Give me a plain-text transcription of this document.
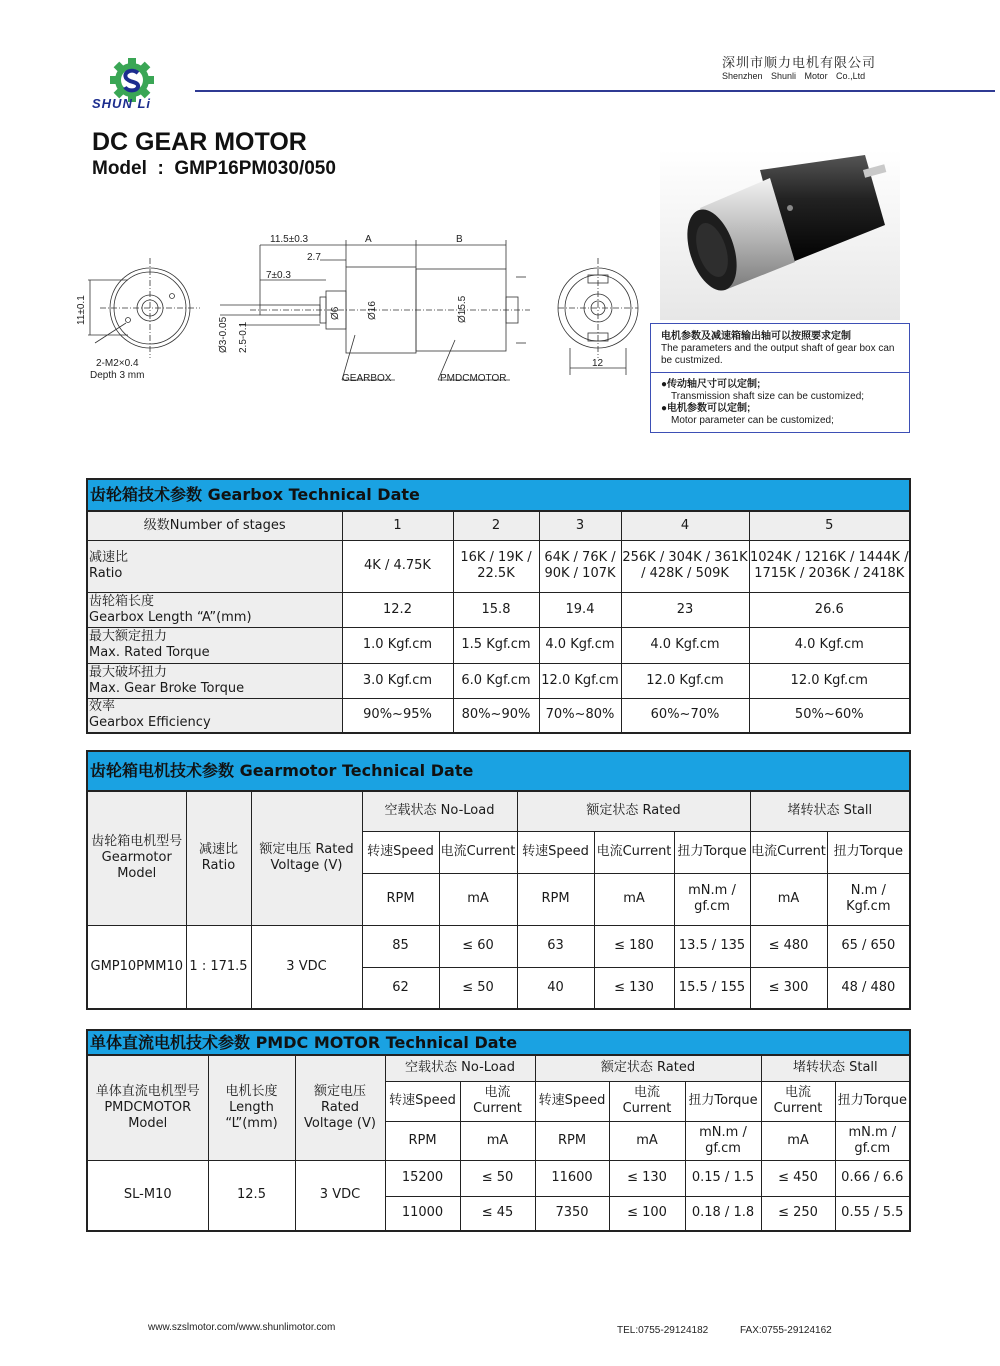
SHUN Li
深圳市顺力电机有限公司
Shenzhen Shunli Motor Co.,Ltd
DC GEAR MOTOR
Model  :  GMP16PM030/050
11±0.1
2-M2×0.4
Depth 3 mm
11.5±0.3	A	B
2.7
7±0.3
Ø6	Ø16	Ø15.5
Ø3-0.05 2.5-0.1
GEARBOX	PMDCMOTOR
12
电机参数及减速箱输出轴可以按照要求定制
The parameters and the output shaft of gear box can be custmized.
●传动轴尺寸可以定制;
Transmission shaft size can be customized;
●电机参数可以定制;
Motor parameter can be customized;
齿轮箱技术参数 Gearbox Technical Date					
级数Number of stages	1	2	3	4	5

减速比
Ratio	4K / 4.75K	16K / 19K / 22.5K	64K / 76K / 90K / 107K	256K / 304K / 361K / 428K / 509K	1024K / 1216K / 1444K / 1715K / 2036K / 2418K

齿轮箱长度
Gearbox Length “A”(mm)	12.2	15.8	19.4	23	26.6

最大额定扭力
Max. Rated Torque	1.0 Kgf.cm	1.5 Kgf.cm	4.0 Kgf.cm	4.0 Kgf.cm	4.0 Kgf.cm

最大破坏扭力
Max. Gear Broke Torque	3.0 Kgf.cm	6.0 Kgf.cm	12.0 Kgf.cm	12.0 Kgf.cm	12.0 Kgf.cm

效率
Gearbox Efficiency	90%~95%	80%~90%	70%~80%	60%~70%	50%~60%
齿轮箱电机技术参数 Gearmotor Technical Date									
齿轮箱电机型号 Gearmotor Model	减速比 Ratio	额定电压 Rated Voltage (V)	空载状态 No-Load		额定状态 Rated			堵转状态 Stall	
			转速Speed	电流Current	转速Speed	电流Current	扭力Torque	电流Current	扭力Torque
			RPM	mA	RPM	mA	mN.m / gf.cm	mA	N.m / Kgf.cm
GMP10PMM10	1 : 171.5	3 VDC	85	≤ 60	63	≤ 180	13.5 / 135	≤ 480	65 / 650
			62	≤ 50	40	≤ 130	15.5 / 155	≤ 300	48 / 480
单体直流电机技术参数 PMDC MOTOR Technical Date									
单体直流电机型号 PMDCMOTOR Model	电机长度 Length “L”(mm)	额定电压 Rated Voltage (V)	空载状态 No-Load		额定状态 Rated			堵转状态 Stall	
			转速Speed	电流 Current	转速Speed	电流 Current	扭力Torque	电流 Current	扭力Torque
			RPM	mA	RPM	mA	mN.m / gf.cm	mA	mN.m / gf.cm
SL-M10	12.5	3 VDC	15200	≤ 50	11600	≤ 130	0.15 / 1.5	≤ 450	0.66 / 6.6
			11000	≤ 45	7350	≤ 100	0.18 / 1.8	≤ 250	0.55 / 5.5
www.szslmotor.com/www.shunlimotor.com	TEL:0755-29124182	FAX:0755-29124162
